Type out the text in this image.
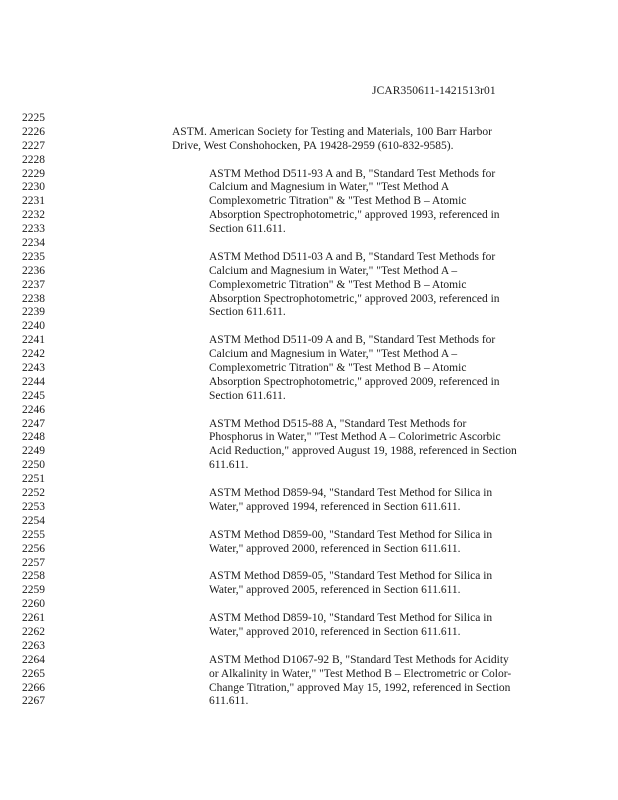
JCAR350611-1421513r01
2225
2226	ASTM. American Society for Testing and Materials, 100 Barr Harbor
2227	Drive, West Conshohocken, PA 19428-2959 (610-832-9585).
2228
2229	ASTM Method D511-93 A and B, "Standard Test Methods for
2230	Calcium and Magnesium in Water," "Test Method A
2231	Complexometric Titration" & "Test Method B – Atomic
2232	Absorption Spectrophotometric," approved 1993, referenced in
2233	Section 611.611.
2234
2235	ASTM Method D511-03 A and B, "Standard Test Methods for
2236	Calcium and Magnesium in Water," "Test Method A –
2237	Complexometric Titration" & "Test Method B – Atomic
2238	Absorption Spectrophotometric," approved 2003, referenced in
2239	Section 611.611.
2240
2241	ASTM Method D511-09 A and B, "Standard Test Methods for
2242	Calcium and Magnesium in Water," "Test Method A –
2243	Complexometric Titration" & "Test Method B – Atomic
2244	Absorption Spectrophotometric," approved 2009, referenced in
2245	Section 611.611.
2246
2247	ASTM Method D515-88 A, "Standard Test Methods for
2248	Phosphorus in Water," "Test Method A – Colorimetric Ascorbic
2249	Acid Reduction," approved August 19, 1988, referenced in Section
2250	611.611.
2251
2252	ASTM Method D859-94, "Standard Test Method for Silica in
2253	Water," approved 1994, referenced in Section 611.611.
2254
2255	ASTM Method D859-00, "Standard Test Method for Silica in
2256	Water," approved 2000, referenced in Section 611.611.
2257
2258	ASTM Method D859-05, "Standard Test Method for Silica in
2259	Water," approved 2005, referenced in Section 611.611.
2260
2261	ASTM Method D859-10, "Standard Test Method for Silica in
2262	Water," approved 2010, referenced in Section 611.611.
2263
2264	ASTM Method D1067-92 B, "Standard Test Methods for Acidity
2265	or Alkalinity in Water," "Test Method B – Electrometric or Color-
2266	Change Titration," approved May 15, 1992, referenced in Section
2267	611.611.
